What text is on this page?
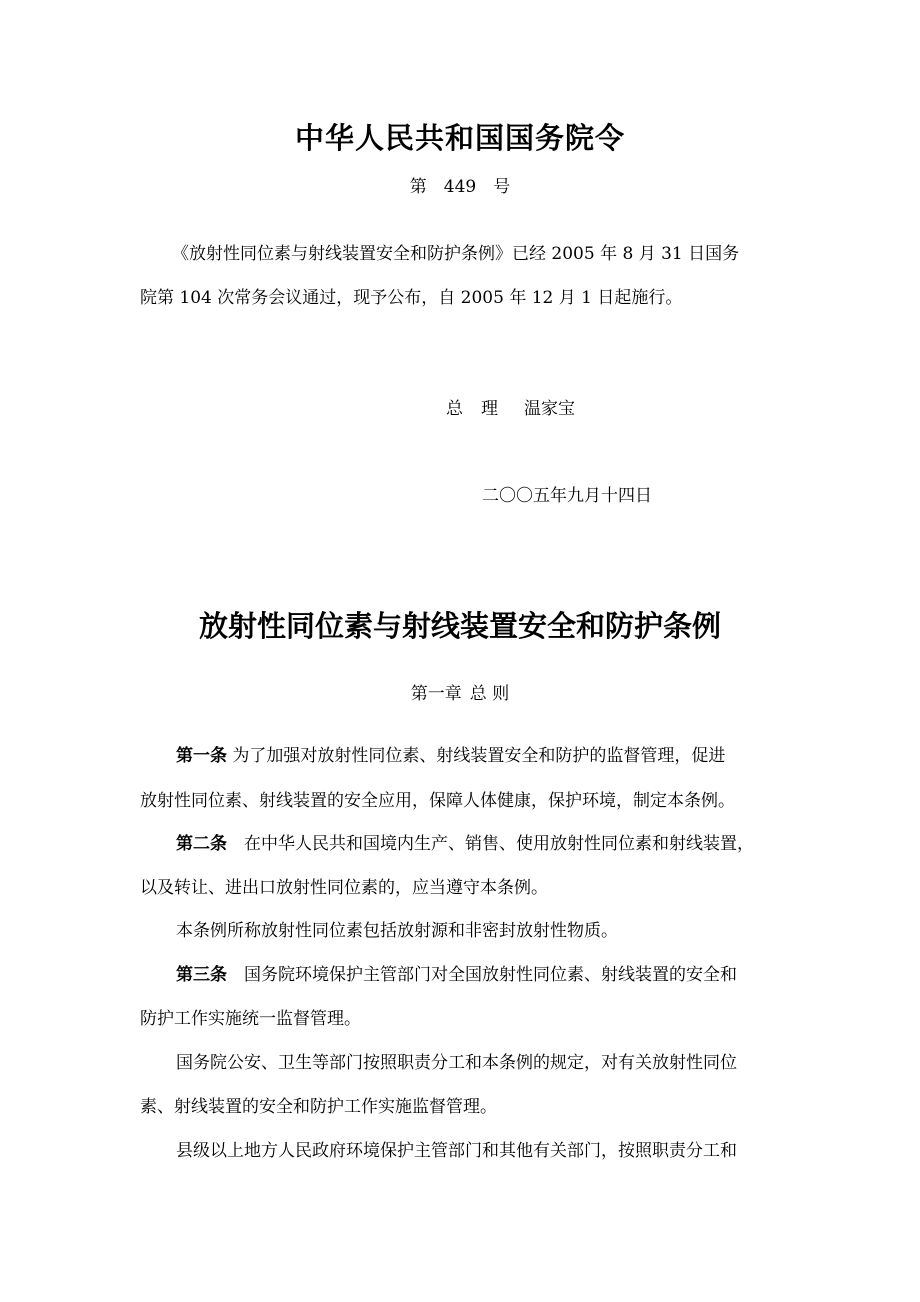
中华人民共和国国务院令
第　449　号
《放射性同位素与射线装置安全和防护条例》已经 2005 年 8 月 31 日国务
院第 104 次常务会议通过，现予公布，自 2005 年 12 月 1 日起施行。
总 理 温家宝
二〇〇五年九月十四日
放射性同位素与射线装置安全和防护条例
第一章 总 则
第一条 为了加强对放射性同位素、射线装置安全和防护的监督管理，促进
放射性同位素、射线装置的安全应用，保障人体健康，保护环境，制定本条例。
第二条　在中华人民共和国境内生产、销售、使用放射性同位素和射线装置，
以及转让、进出口放射性同位素的，应当遵守本条例。
本条例所称放射性同位素包括放射源和非密封放射性物质。
第三条　国务院环境保护主管部门对全国放射性同位素、射线装置的安全和
防护工作实施统一监督管理。
国务院公安、卫生等部门按照职责分工和本条例的规定，对有关放射性同位
素、射线装置的安全和防护工作实施监督管理。
县级以上地方人民政府环境保护主管部门和其他有关部门，按照职责分工和
